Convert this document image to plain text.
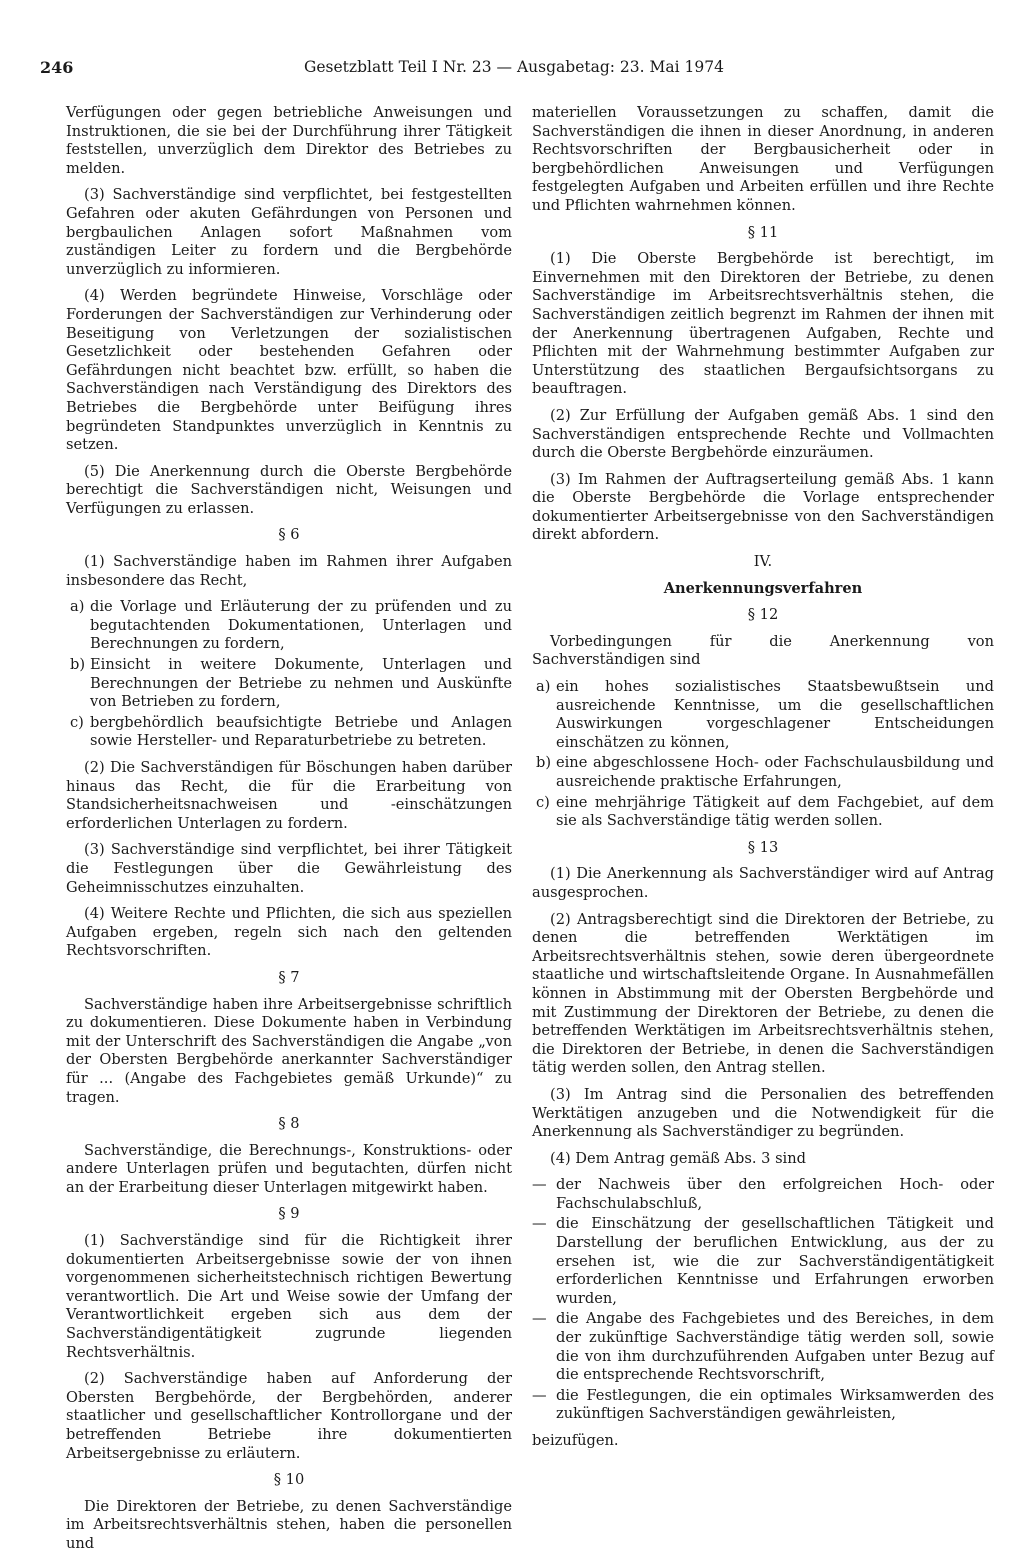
246	Gesetzblatt Teil I Nr. 23 — Ausgabetag: 23. Mai 1974

Verfügungen oder gegen betriebliche Anweisungen und Instruktionen, die sie bei der Durchführung ihrer Tätigkeit feststellen, unverzüglich dem Direktor des Betriebes zu melden.

(3) Sachverständige sind verpflichtet, bei festgestellten Gefahren oder akuten Gefährdungen von Personen und bergbaulichen Anlagen sofort Maßnahmen vom zuständigen Leiter zu fordern und die Bergbehörde unverzüglich zu informieren.

(4) Werden begründete Hinweise, Vorschläge oder Forderungen der Sachverständigen zur Verhinderung oder Beseitigung von Verletzungen der sozialistischen Gesetzlichkeit oder bestehenden Gefahren oder Gefährdungen nicht beachtet bzw. erfüllt, so haben die Sachverständigen nach Verständigung des Direktors des Betriebes die Bergbehörde unter Beifügung ihres begründeten Standpunktes unverzüglich in Kenntnis zu setzen.

(5) Die Anerkennung durch die Oberste Bergbehörde berechtigt die Sachverständigen nicht, Weisungen und Verfügungen zu erlassen.

§ 6

(1) Sachverständige haben im Rahmen ihrer Aufgaben insbesondere das Recht,

a) die Vorlage und Erläuterung der zu prüfenden und zu begutachtenden Dokumentationen, Unterlagen und Berechnungen zu fordern,
b) Einsicht in weitere Dokumente, Unterlagen und Berechnungen der Betriebe zu nehmen und Auskünfte von Betrieben zu fordern,
c) bergbehördlich beaufsichtigte Betriebe und Anlagen sowie Hersteller- und Reparaturbetriebe zu betreten.

(2) Die Sachverständigen für Böschungen haben darüber hinaus das Recht, die für die Erarbeitung von Standsicherheitsnachweisen und -einschätzungen erforderlichen Unterlagen zu fordern.

(3) Sachverständige sind verpflichtet, bei ihrer Tätigkeit die Festlegungen über die Gewährleistung des Geheimnisschutzes einzuhalten.

(4) Weitere Rechte und Pflichten, die sich aus speziellen Aufgaben ergeben, regeln sich nach den geltenden Rechtsvorschriften.

§ 7

Sachverständige haben ihre Arbeitsergebnisse schriftlich zu dokumentieren. Diese Dokumente haben in Verbindung mit der Unterschrift des Sachverständigen die Angabe „von der Obersten Bergbehörde anerkannter Sachverständiger für ... (Angabe des Fachgebietes gemäß Urkunde)“ zu tragen.

§ 8

Sachverständige, die Berechnungs-, Konstruktions- oder andere Unterlagen prüfen und begutachten, dürfen nicht an der Erarbeitung dieser Unterlagen mitgewirkt haben.

§ 9

(1) Sachverständige sind für die Richtigkeit ihrer dokumentierten Arbeitsergebnisse sowie der von ihnen vorgenommenen sicherheitstechnisch richtigen Bewertung verantwortlich. Die Art und Weise sowie der Umfang der Verantwortlichkeit ergeben sich aus dem der Sachverständigentätigkeit zugrunde liegenden Rechtsverhältnis.

(2) Sachverständige haben auf Anforderung der Obersten Bergbehörde, der Bergbehörden, anderer staatlicher und gesellschaftlicher Kontrollorgane und der betreffenden Betriebe ihre dokumentierten Arbeitsergebnisse zu erläutern.

§ 10

Die Direktoren der Betriebe, zu denen Sachverständige im Arbeitsrechtsverhältnis stehen, haben die personellen und

materiellen Voraussetzungen zu schaffen, damit die Sachverständigen die ihnen in dieser Anordnung, in anderen Rechtsvorschriften der Bergbausicherheit oder in bergbehördlichen Anweisungen und Verfügungen festgelegten Aufgaben und Arbeiten erfüllen und ihre Rechte und Pflichten wahrnehmen können.

§ 11

(1) Die Oberste Bergbehörde ist berechtigt, im Einvernehmen mit den Direktoren der Betriebe, zu denen Sachverständige im Arbeitsrechtsverhältnis stehen, die Sachverständigen zeitlich begrenzt im Rahmen der ihnen mit der Anerkennung übertragenen Aufgaben, Rechte und Pflichten mit der Wahrnehmung bestimmter Aufgaben zur Unterstützung des staatlichen Bergaufsichtsorgans zu beauftragen.

(2) Zur Erfüllung der Aufgaben gemäß Abs. 1 sind den Sachverständigen entsprechende Rechte und Vollmachten durch die Oberste Bergbehörde einzuräumen.

(3) Im Rahmen der Auftragserteilung gemäß Abs. 1 kann die Oberste Bergbehörde die Vorlage entsprechender dokumentierter Arbeitsergebnisse von den Sachverständigen direkt abfordern.

IV.
Anerkennungsverfahren
§ 12

Vorbedingungen für die Anerkennung von Sachverständigen sind

a) ein hohes sozialistisches Staatsbewußtsein und ausreichende Kenntnisse, um die gesellschaftlichen Auswirkungen vorgeschlagener Entscheidungen einschätzen zu können,
b) eine abgeschlossene Hoch- oder Fachschulausbildung und ausreichende praktische Erfahrungen,
c) eine mehrjährige Tätigkeit auf dem Fachgebiet, auf dem sie als Sachverständige tätig werden sollen.
§ 13

(1) Die Anerkennung als Sachverständiger wird auf Antrag ausgesprochen.

(2) Antragsberechtigt sind die Direktoren der Betriebe, zu denen die betreffenden Werktätigen im Arbeitsrechtsverhältnis stehen, sowie deren übergeordnete staatliche und wirtschaftsleitende Organe. In Ausnahmefällen können in Abstimmung mit der Obersten Bergbehörde und mit Zustimmung der Direktoren der Betriebe, zu denen die betreffenden Werktätigen im Arbeitsrechtsverhältnis stehen, die Direktoren der Betriebe, in denen die Sachverständigen tätig werden sollen, den Antrag stellen.

(3) Im Antrag sind die Personalien des betreffenden Werktätigen anzugeben und die Notwendigkeit für die Anerkennung als Sachverständiger zu begründen.

(4) Dem Antrag gemäß Abs. 3 sind

— der Nachweis über den erfolgreichen Hoch- oder Fachschulabschluß,
— die Einschätzung der gesellschaftlichen Tätigkeit und Darstellung der beruflichen Entwicklung, aus der zu ersehen ist, wie die zur Sachverständigentätigkeit erforderlichen Kenntnisse und Erfahrungen erworben wurden,
— die Angabe des Fachgebietes und des Bereiches, in dem der zukünftige Sachverständige tätig werden soll, sowie die von ihm durchzuführenden Aufgaben unter Bezug auf die entsprechende Rechtsvorschrift,
— die Festlegungen, die ein optimales Wirksamwerden des zukünftigen Sachverständigen gewährleisten,

beizufügen.
